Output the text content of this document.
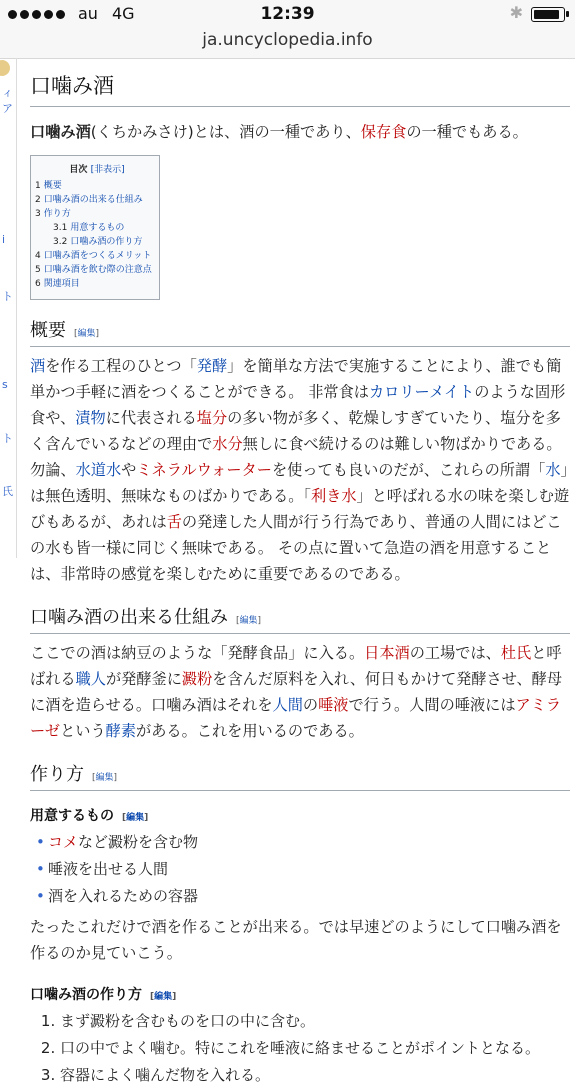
au 4G	12:39	✱
ja.uncyclopedia.info
ィア
i
ト
s
ト
氏
口噛み酒

口噛み酒(くちかみさけ)とは、酒の一種であり、保存食の一種でもある。

目次 [非表示]
1 概要
2 口噛み酒の出来る仕組み
3 作り方
3.1 用意するもの
3.2 口噛み酒の作り方
4 口噛み酒をつくるメリット
5 口噛み酒を飲む際の注意点
6 関連項目
概要 [ 編集 ]

酒を作る工程のひとつ「発酵」を簡単な方法で実施することにより、誰でも簡単かつ手軽に酒をつくることができる。 非常食はカロリーメイトのような固形食や、漬物に代表される塩分の多い物が多く、乾燥しすぎていたり、塩分を多く含んでいるなどの理由で水分無しに食べ続けるのは難しい物ばかりである。 勿論、水道水やミネラルウォーターを使っても良いのだが、これらの所謂「水」は無色透明、無味なものばかりである。「利き水」と呼ばれる水の味を楽しむ遊びもあるが、あれは舌の発達した人間が行う行為であり、普通の人間にはどこの水も皆一様に同じく無味である。 その点に置いて急造の酒を用意することは、非常時の感覚を楽しむために重要であるのである。

口噛み酒の出来る仕組み [ 編集 ]

ここでの酒は納豆のような「発酵食品」に入る。日本酒の工場では、杜氏と呼ばれる職人が発酵釜に澱粉を含んだ原料を入れ、何日もかけて発酵させ、酵母に酒を造らせる。口噛み酒はそれを人間の唾液で行う。人間の唾液にはアミラーゼという酵素がある。これを用いるのである。

作り方 [ 編集 ]
用意するもの [ 編集 ]
• コメなど澱粉を含む物
• 唾液を出せる人間
• 酒を入れるための容器

たったこれだけで酒を作ることが出来る。では早速どのようにして口噛み酒を作るのか見ていこう。

口噛み酒の作り方 [ 編集 ]
1. まず澱粉を含むものを口の中に含む。
2. 口の中でよく噛む。特にこれを唾液に絡ませることがポイントとなる。
3. 容器によく噛んだ物を入れる。
